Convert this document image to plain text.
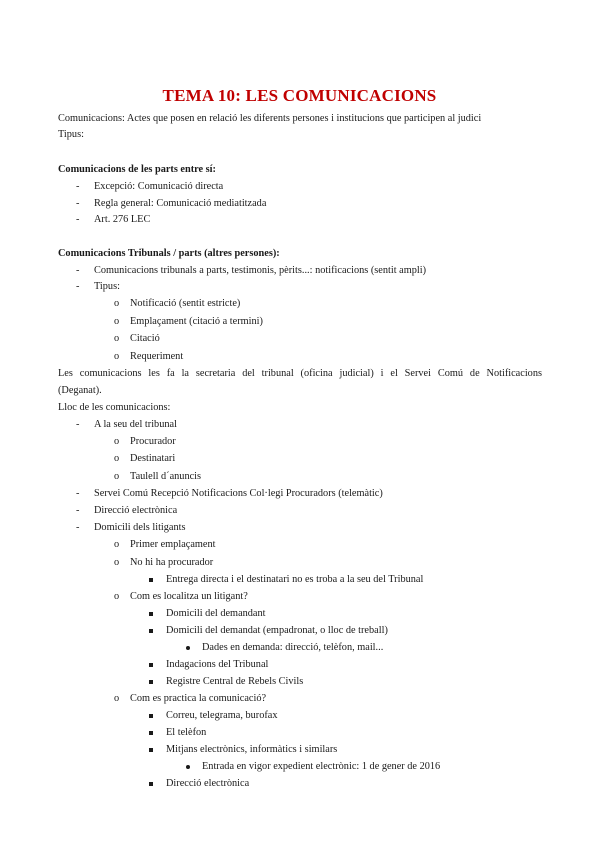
TEMA 10: LES COMUNICACIONS
Comunicacions: Actes que posen en relació les diferents persones i institucions que participen al judici
Tipus:
Comunicacions de les parts entre sí:
- Excepció: Comunicació directa
- Regla general: Comunicació mediatitzada
- Art. 276 LEC
Comunicacions Tribunals / parts (altres persones):
- Comunicacions tribunals a parts, testimonis, pèrits...: notificacions (sentit ampli)
- Tipus:
o Notificació (sentit estricte)
o Emplaçament (citació a termini)
o Citació
o Requeriment
Les comunicacions les fa la secretaria del tribunal (oficina judicial) i el Servei Comú de Notificacions
(Deganat).
Lloc de les comunicacions:
- A la seu del tribunal
o Procurador
o Destinatari
o Taulell d´anuncis
- Servei Comú Recepció Notificacions Col·legi Procuradors (telemàtic)
- Direcció electrònica
- Domicili dels litigants
o Primer emplaçament
o No hi ha procurador
Entrega directa i el destinatari no es troba a la seu del Tribunal
o Com es localitza un litigant?
Domicili del demandant
Domicili del demandat (empadronat, o lloc de treball)
Dades en demanda: direcció, telèfon, mail...
Indagacions del Tribunal
Registre Central de Rebels Civils
o Com es practica la comunicació?
Correu, telegrama, burofax
El telèfon
Mitjans electrònics, informàtics i similars
Entrada en vigor expedient electrònic: 1 de gener de 2016
Direcció electrònica
